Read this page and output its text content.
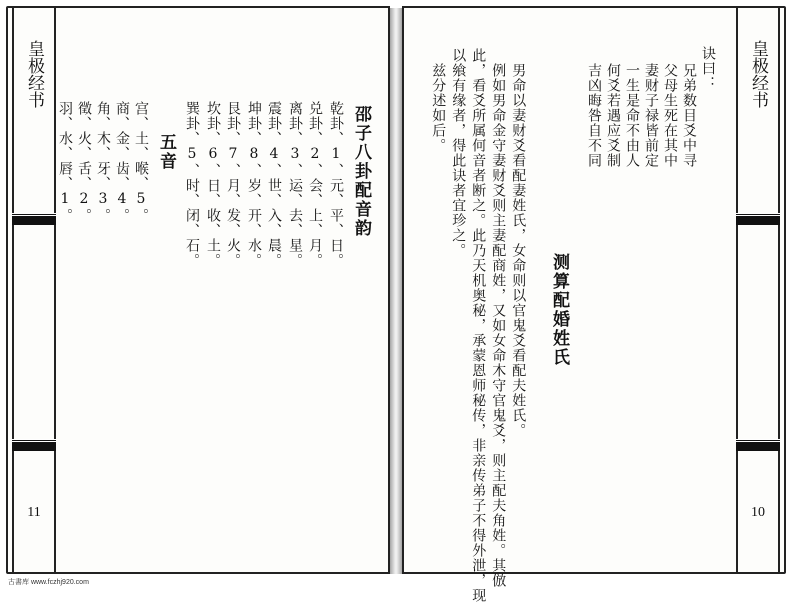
皇极经书
11
邵子八卦配音韵
乾卦、1、元、平、日。
兑卦、2、会、上、月。
离卦、3、运、去、星。
震卦、4、世、入、晨。
坤卦、8、岁、开、水。
艮卦、7、月、发、火。
坎卦、6、日、收、土。
巽卦、5、时、闭、石。
五音
宫、土、喉、5。
商、金、齿、4。
角、木、牙、3。
徵、火、舌、2。
羽、水、唇、1。
皇极经书
10
诀曰：
兄弟数目爻中寻
父母生死在其中
妻财子禄皆前定
一生是命不由人
何爻若遇应爻制
吉凶晦咎自不同
测算配婚姓氏
男命以妻财爻看配妻姓氏，女命则以官鬼爻看配夫姓氏。
例如男命金守妻财爻则主妻配商姓，又如女命木守官鬼爻，则主配夫角姓。其倣
此，看爻所属何音者断之。此乃天机奥秘，承蒙恩师秘传，非亲传弟子不得外泄，现
以飨有缘者，得此诀者宜珍之。
兹分述如后。
古書库 www.fczhj920.com
